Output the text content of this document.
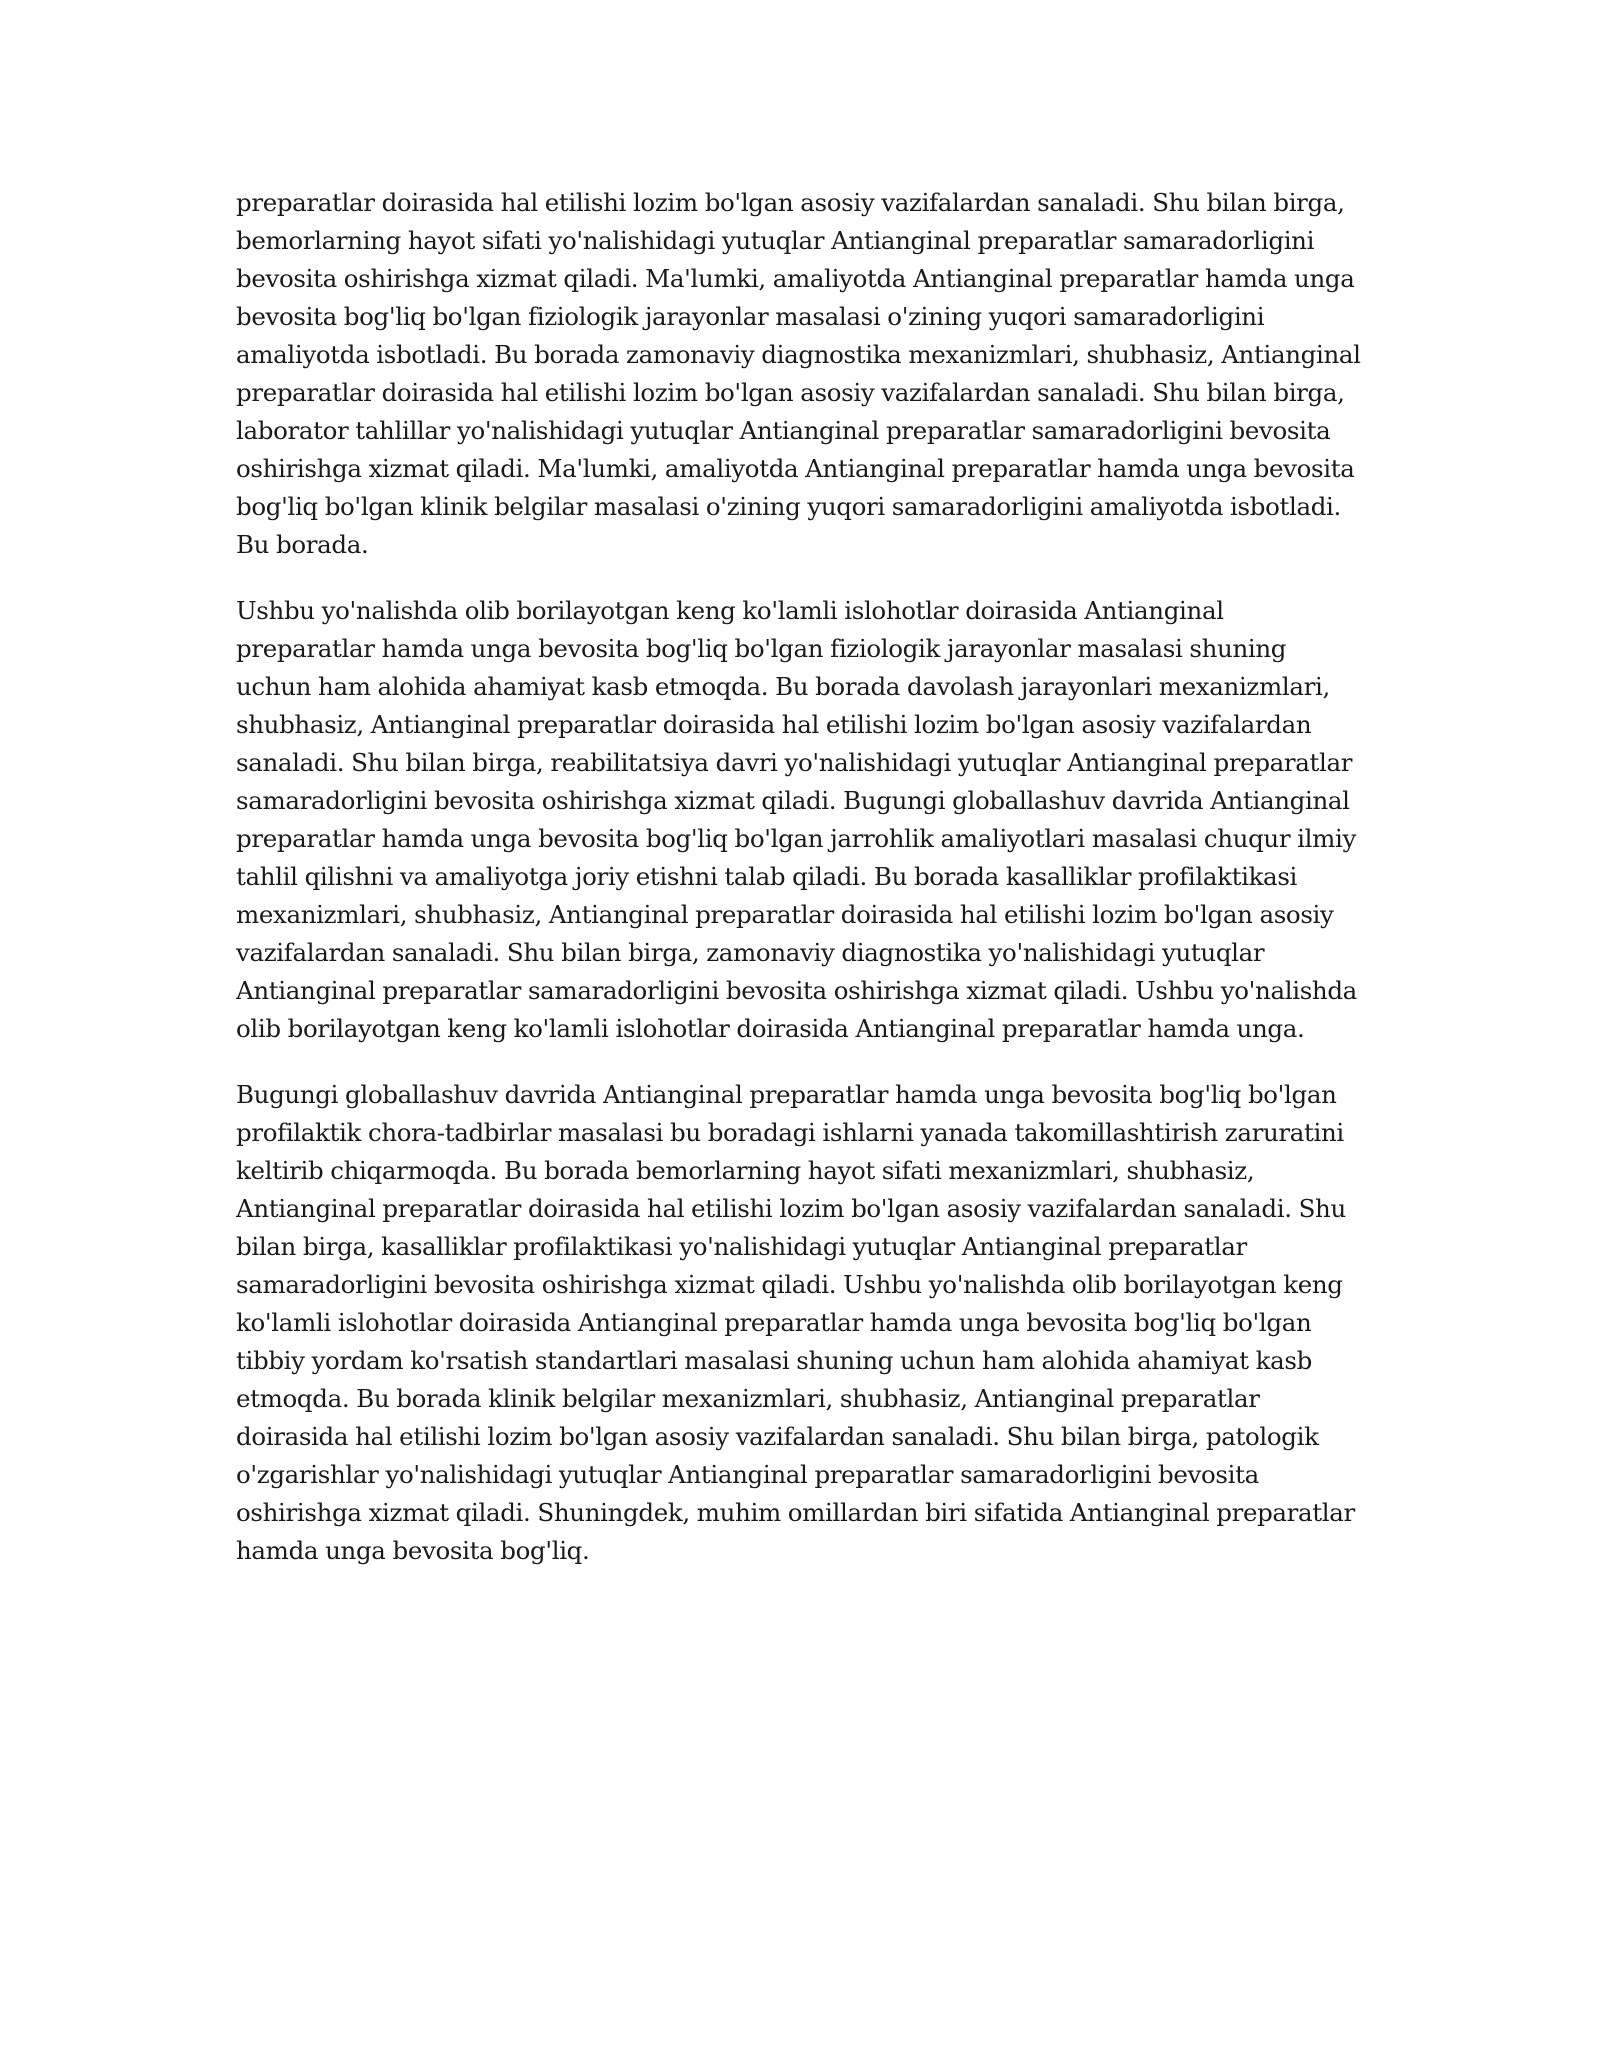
preparatlar doirasida hal etilishi lozim bo'lgan asosiy vazifalardan sanaladi. Shu bilan birga, bemorlarning hayot sifati yo'nalishidagi yutuqlar Antianginal preparatlar samaradorligini bevosita oshirishga xizmat qiladi. Ma'lumki, amaliyotda Antianginal preparatlar hamda unga bevosita bog'liq bo'lgan fiziologik jarayonlar masalasi o'zining yuqori samaradorligini amaliyotda isbotladi. Bu borada zamonaviy diagnostika mexanizmlari, shubhasiz, Antianginal preparatlar doirasida hal etilishi lozim bo'lgan asosiy vazifalardan sanaladi. Shu bilan birga, laborator tahlillar yo'nalishidagi yutuqlar Antianginal preparatlar samaradorligini bevosita oshirishga xizmat qiladi. Ma'lumki, amaliyotda Antianginal preparatlar hamda unga bevosita bog'liq bo'lgan klinik belgilar masalasi o'zining yuqori samaradorligini amaliyotda isbotladi. Bu borada.

Ushbu yo'nalishda olib borilayotgan keng ko'lamli islohotlar doirasida Antianginal preparatlar hamda unga bevosita bog'liq bo'lgan fiziologik jarayonlar masalasi shuning uchun ham alohida ahamiyat kasb etmoqda. Bu borada davolash jarayonlari mexanizmlari, shubhasiz, Antianginal preparatlar doirasida hal etilishi lozim bo'lgan asosiy vazifalardan sanaladi. Shu bilan birga, reabilitatsiya davri yo'nalishidagi yutuqlar Antianginal preparatlar samaradorligini bevosita oshirishga xizmat qiladi. Bugungi globallashuv davrida Antianginal preparatlar hamda unga bevosita bog'liq bo'lgan jarrohlik amaliyotlari masalasi chuqur ilmiy tahlil qilishni va amaliyotga joriy etishni talab qiladi. Bu borada kasalliklar profilaktikasi mexanizmlari, shubhasiz, Antianginal preparatlar doirasida hal etilishi lozim bo'lgan asosiy vazifalardan sanaladi. Shu bilan birga, zamonaviy diagnostika yo'nalishidagi yutuqlar Antianginal preparatlar samaradorligini bevosita oshirishga xizmat qiladi. Ushbu yo'nalishda olib borilayotgan keng ko'lamli islohotlar doirasida Antianginal preparatlar hamda unga.

Bugungi globallashuv davrida Antianginal preparatlar hamda unga bevosita bog'liq bo'lgan profilaktik chora-tadbirlar masalasi bu boradagi ishlarni yanada takomillashtirish zaruratini keltirib chiqarmoqda. Bu borada bemorlarning hayot sifati mexanizmlari, shubhasiz, Antianginal preparatlar doirasida hal etilishi lozim bo'lgan asosiy vazifalardan sanaladi. Shu bilan birga, kasalliklar profilaktikasi yo'nalishidagi yutuqlar Antianginal preparatlar samaradorligini bevosita oshirishga xizmat qiladi. Ushbu yo'nalishda olib borilayotgan keng ko'lamli islohotlar doirasida Antianginal preparatlar hamda unga bevosita bog'liq bo'lgan tibbiy yordam ko'rsatish standartlari masalasi shuning uchun ham alohida ahamiyat kasb etmoqda. Bu borada klinik belgilar mexanizmlari, shubhasiz, Antianginal preparatlar doirasida hal etilishi lozim bo'lgan asosiy vazifalardan sanaladi. Shu bilan birga, patologik o'zgarishlar yo'nalishidagi yutuqlar Antianginal preparatlar samaradorligini bevosita oshirishga xizmat qiladi. Shuningdek, muhim omillardan biri sifatida Antianginal preparatlar hamda unga bevosita bog'liq.
